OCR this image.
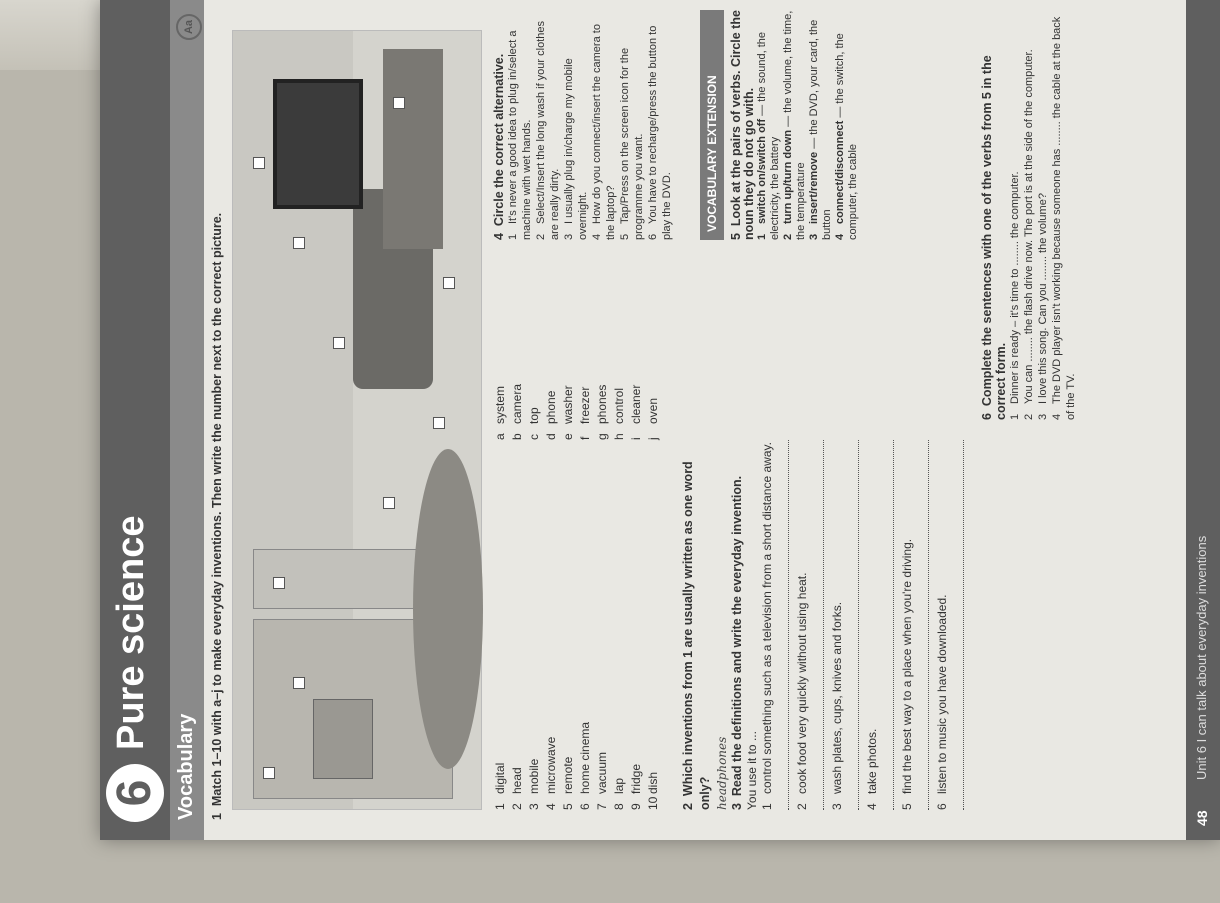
6
Pure science
Vocabulary
Aa
1  Match 1–10 with a–j to make everyday inventions. Then write the number next to the correct picture.
1digital
2head
3mobile
4microwave
5remote
6home cinema
7vacuum
8lap
9fridge
10dish
asystem
bcamera
ctop
dphone
ewasher
ffreezer
gphones
hcontrol
icleaner
joven
2  Which inventions from 1 are usually written as one word only? headphones 3  Read the definitions and write the everyday invention. You use it to ... 1control something such as a television from a short distance away.
2cook food very quickly without using heat.
3wash plates, cups, knives and forks.
4take photos.
5find the best way to a place when you're driving.
6listen to music you have downloaded.
4  Circle the correct alternative.
1It's never a good idea to plug in/select a machine with wet hands. 2Select/Insert the long wash if your clothes are really dirty. 3I usually plug in/charge my mobile overnight. 4How do you connect/insert the camera to the laptop? 5Tap/Press on the screen icon for the programme you want. 6You have to recharge/press the button to play the DVD.	VOCABULARY EXTENSION
5  Look at the pairs of verbs. Circle the noun they do not go with. 1switch on/switch off — the sound, the electricity, the battery
2turn up/turn down — the volume, the time, the temperature 3insert/remove — the DVD, your card, the button 4connect/disconnect — the switch, the computer, the cable
6  Complete the sentences with one of the verbs from 5 in the correct form. 1Dinner is ready – it's time to ........ the computer.
2You can ........ the flash drive now. The port is at the side of the computer.
3I love this song. Can you ........ the volume?
4The DVD player isn't working because someone has ........ the cable at the back of the TV.
48
Unit 6 I can talk about everyday inventions
